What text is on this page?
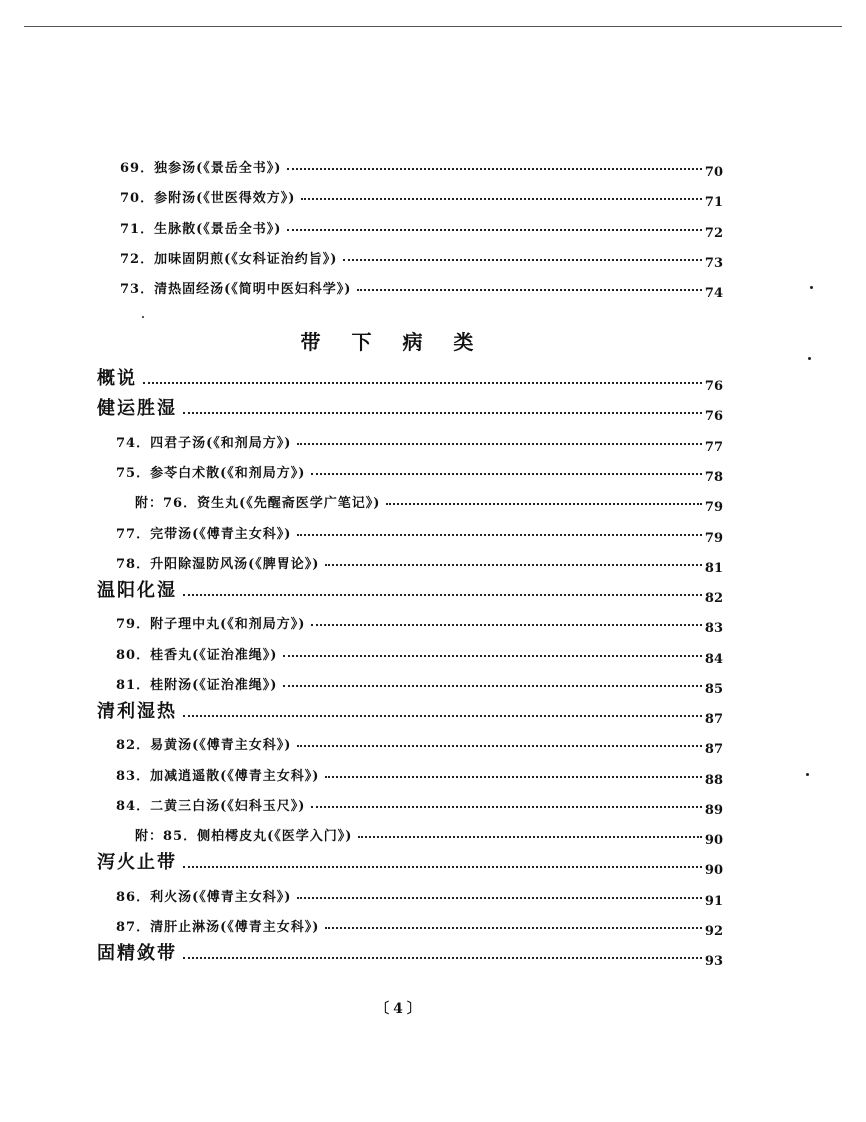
69．独参汤(《景岳全书》)	70
70．参附汤(《世医得效方》)	71
71．生脉散(《景岳全书》)	72
72．加味固阴煎(《女科证治约旨》)	73
73．清热固经汤(《简明中医妇科学》)	74
带 下 病 类
概说	76
健运胜湿	76
74．四君子汤(《和剂局方》)	77
75．参苓白术散(《和剂局方》)	78
附：76．资生丸(《先醒斋医学广笔记》)	79
77．完带汤(《傅青主女科》)	79
78．升阳除湿防风汤(《脾胃论》)	81
温阳化湿	82
79．附子理中丸(《和剂局方》)	83
80．桂香丸(《证治准绳》)	84
81．桂附汤(《证治准绳》)	85
清利湿热	87
82．易黄汤(《傅青主女科》)	87
83．加减逍遥散(《傅青主女科》)	88
84．二黄三白汤(《妇科玉尺》)	89
附：85．侧柏樗皮丸(《医学入门》)	90
泻火止带	90
86．利火汤(《傅青主女科》)	91
87．清肝止淋汤(《傅青主女科》)	92
固精敛带	93
〔4〕
